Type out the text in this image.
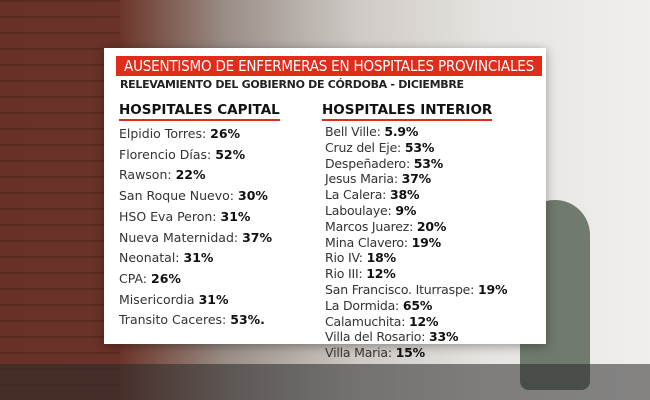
AUSENTISMO DE ENFERMERAS EN HOSPITALES PROVINCIALES
RELEVAMIENTO DEL GOBIERNO DE CÓRDOBA - DICIEMBRE
HOSPITALES CAPITAL
Elpidio Torres: 26%
Florencio Días: 52%
Rawson: 22%
San Roque Nuevo: 30%
HSO Eva Peron: 31%
Nueva Maternidad: 37%
Neonatal: 31%
CPA: 26%
Misericordia 31%
Transito Caceres: 53%.
HOSPITALES INTERIOR
Bell Ville: 5.9%
Cruz del Eje: 53%
Despeñadero: 53%
Jesus Maria: 37%
La Calera: 38%
Laboulaye: 9%
Marcos Juarez: 20%
Mina Clavero: 19%
Rio IV: 18%
Rio III: 12%
San Francisco. Iturraspe: 19%
La Dormida: 65%
Calamuchita: 12%
Villa del Rosario: 33%
Villa Maria: 15%
